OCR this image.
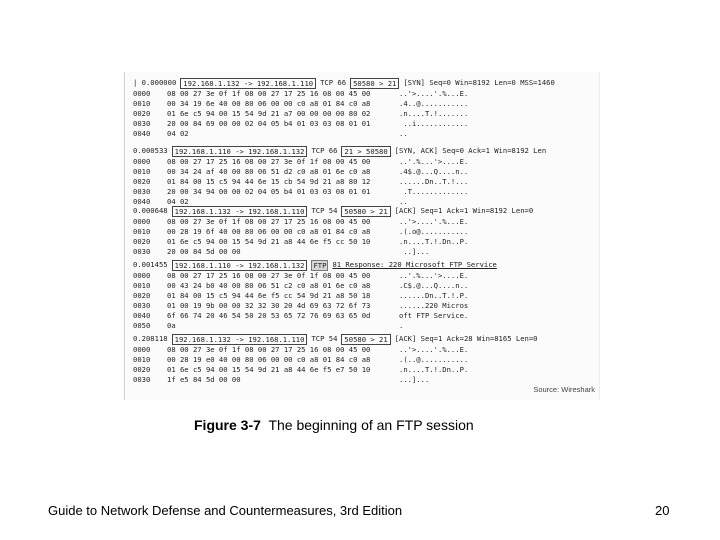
Source: Wireshark
| 0.000000 192.168.1.132 -> 192.168.1.110 TCP 66 50580 > 21 [SYN] Seq=0 Win=8192 Len=0 MSS=1460
0000	08 00 27 3e 0f 1f 08 00 27 17 25 16 08 00 45 00	..'>....'.%...E.
0010	00 34 19 6e 40 00 80 06 00 00 c0 a8 01 84 c0 a8	.4..@...........
0020	01 6e c5 94 00 15 54 9d 21 a7 00 00 00 00 80 02	.n....T.!.......
0030	20 00 84 69 00 00 02 04 05 b4 01 03 03 08 01 01	..i............
0040	04 02	..
0.000533 192.168.1.110 -> 192.168.1.132 TCP 66 21 > 50580 [SYN, ACK] Seq=0 Ack=1 Win=8192 Len
0000	08 00 27 17 25 16 08 00 27 3e 0f 1f 08 00 45 00	..'.%...'>....E.
0010	00 34 24 af 40 00 80 06 51 d2 c0 a8 01 6e c0 a8	.4$.@...Q....n..
0020	01 84 00 15 c5 94 44 6e 15 cb 54 9d 21 a8 80 12	......Dn..T.!...
0030	20 00 34 94 00 00 02 04 05 b4 01 03 03 08 01 01	.T.............
0040	04 02	..
0.000648 192.168.1.132 -> 192.168.1.110 TCP 54 50580 > 21 [ACK] Seq=1 Ack=1 Win=8192 Len=0
0000	08 00 27 3e 0f 1f 08 00 27 17 25 16 08 00 45 00	..'>....'.%...E.
0010	00 28 19 6f 40 00 80 06 00 00 c0 a8 01 84 c0 a8	.(.o@...........
0020	01 6e c5 94 00 15 54 9d 21 a8 44 6e f5 cc 50 10	.n....T.!.Dn..P.
0030	20 00 84 5d 00 00	..]...
0.001455 192.168.1.110 -> 192.168.1.132	FTP 81 Response: 220 Microsoft FTP Service
0000	08 00 27 17 25 16 08 00 27 3e 0f 1f 08 00 45 00	..'.%...'>....E.
0010	00 43 24 b0 40 00 80 06 51 c2 c0 a8 01 6e c0 a8	.C$.@...Q....n..
0020	01 84 00 15 c5 94 44 6e f5 cc 54 9d 21 a8 50 18	......Dn..T.!.P.
0030	01 00 19 9b 00 00 32 32 30 20 4d 69 63 72 6f 73	......220 Micros
0040	6f 66 74 20 46 54 50 20 53 65 72 76 69 63 65 0d	oft FTP Service.
0050	0a	.
0.208118 192.168.1.132 -> 192.168.1.110 TCP 54 50580 > 21 [ACK] Seq=1 Ack=28 Win=8165 Len=0
0000	08 00 27 3e 0f 1f 08 00 27 17 25 16 08 00 45 00	..'>....'.%...E.
0010	00 28 19 e0 40 00 80 06 00 00 c0 a8 01 84 c0 a8	.(..@...........
0020	01 6e c5 94 00 15 54 9d 21 a8 44 6e f5 e7 50 10	.n....T.!.Dn..P.
0030	1f e5 84 5d 00 00	...]...
Figure 3-7 The beginning of an FTP session
Guide to Network Defense and Countermeasures, 3rd Edition	20
